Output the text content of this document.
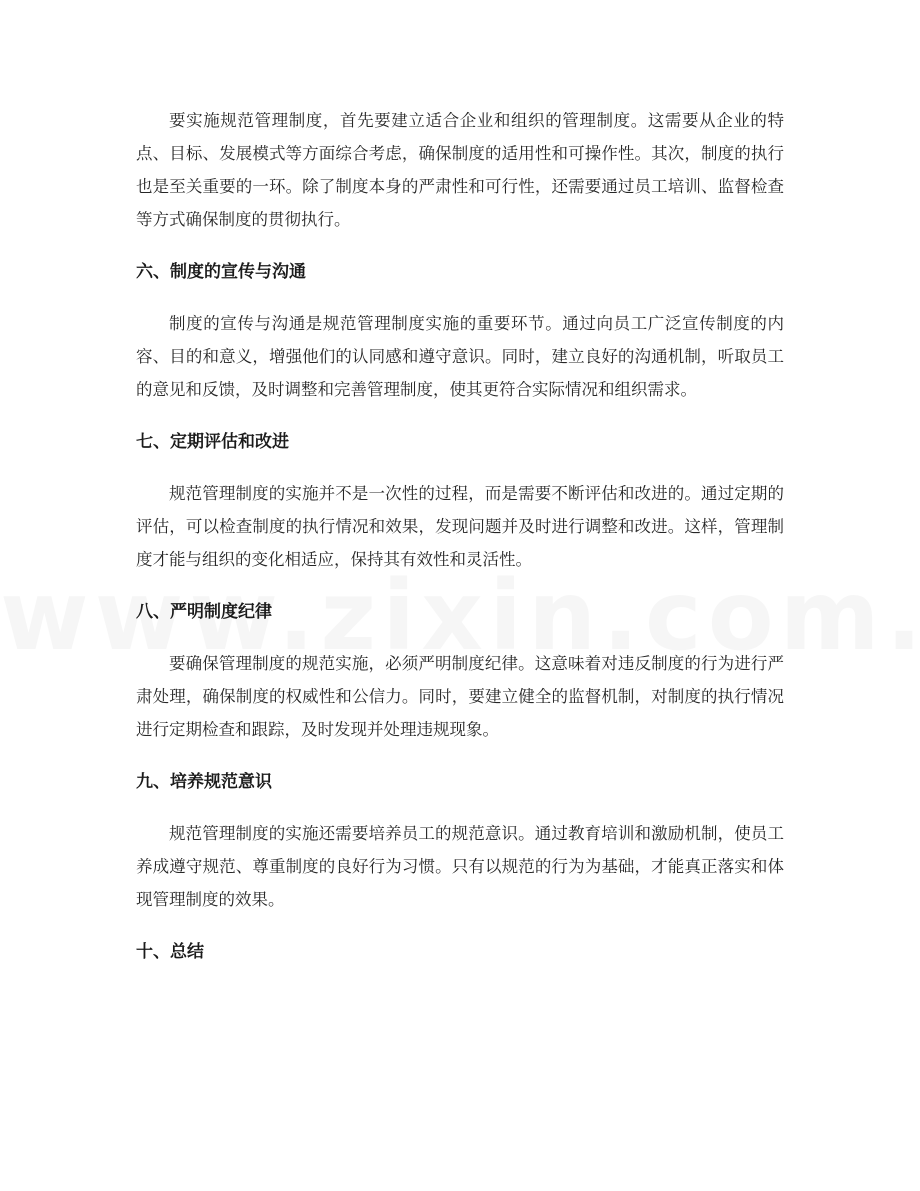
要实施规范管理制度，首先要建立适合企业和组织的管理制度。这需要从企业的特点、目标、发展模式等方面综合考虑，确保制度的适用性和可操作性。其次，制度的执行也是至关重要的一环。除了制度本身的严肃性和可行性，还需要通过员工培训、监督检查等方式确保制度的贯彻执行。

六、制度的宣传与沟通

制度的宣传与沟通是规范管理制度实施的重要环节。通过向员工广泛宣传制度的内容、目的和意义，增强他们的认同感和遵守意识。同时，建立良好的沟通机制，听取员工的意见和反馈，及时调整和完善管理制度，使其更符合实际情况和组织需求。

七、定期评估和改进

规范管理制度的实施并不是一次性的过程，而是需要不断评估和改进的。通过定期的评估，可以检查制度的执行情况和效果，发现问题并及时进行调整和改进。这样，管理制度才能与组织的变化相适应，保持其有效性和灵活性。

八、严明制度纪律

要确保管理制度的规范实施，必须严明制度纪律。这意味着对违反制度的行为进行严肃处理，确保制度的权威性和公信力。同时，要建立健全的监督机制，对制度的执行情况进行定期检查和跟踪，及时发现并处理违规现象。

九、培养规范意识

规范管理制度的实施还需要培养员工的规范意识。通过教育培训和激励机制，使员工养成遵守规范、尊重制度的良好行为习惯。只有以规范的行为为基础，才能真正落实和体现管理制度的效果。

十、总结
